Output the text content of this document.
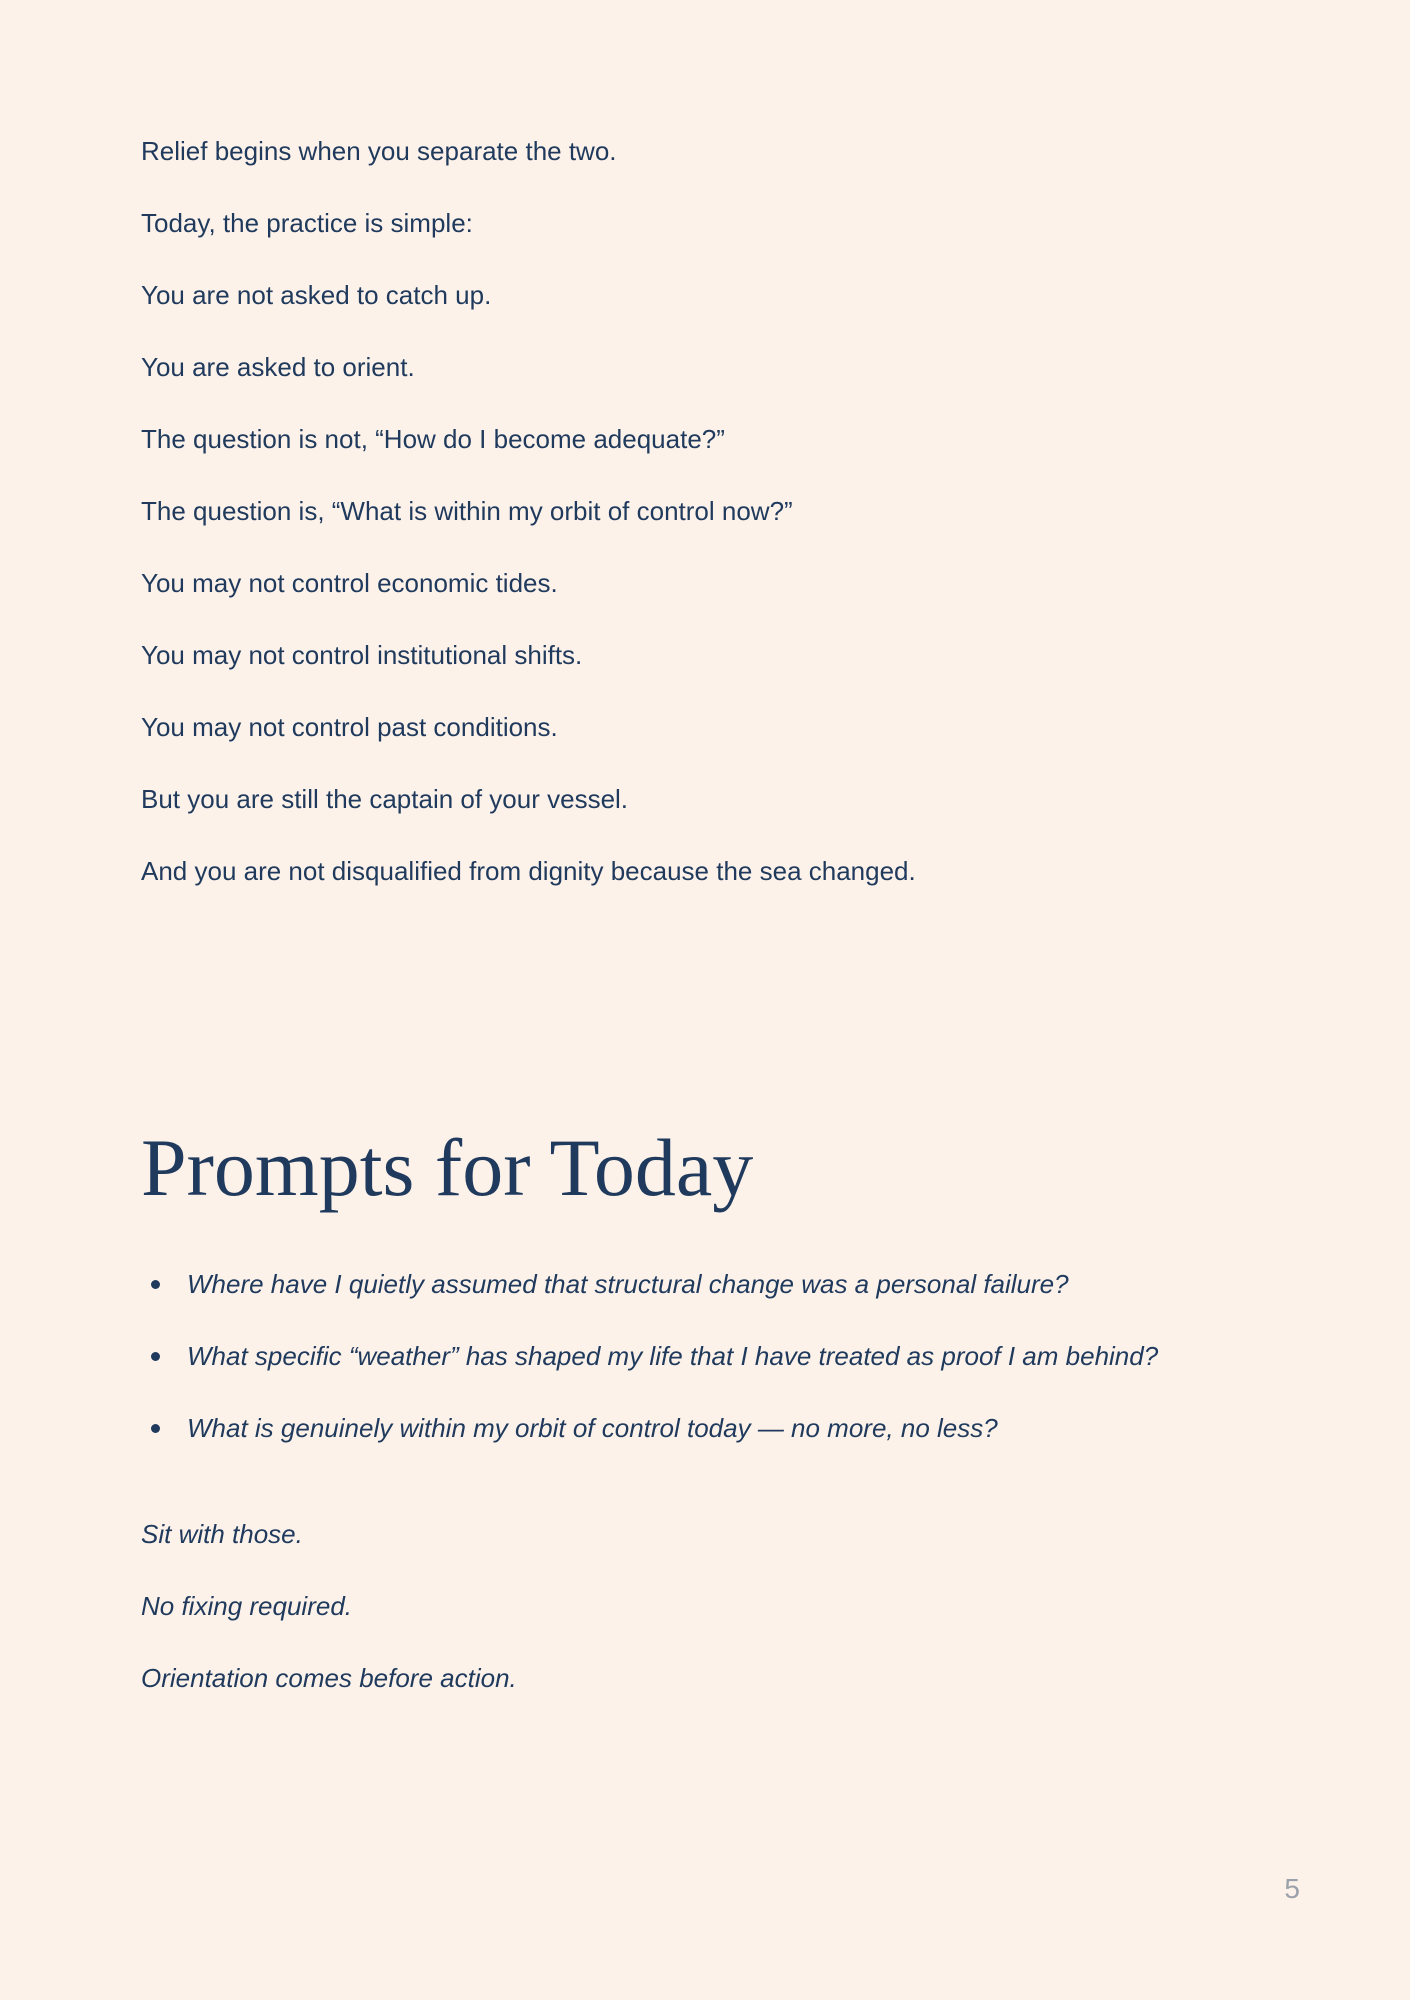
Relief begins when you separate the two.

Today, the practice is simple:

You are not asked to catch up.

You are asked to orient.

The question is not, “How do I become adequate?”

The question is, “What is within my orbit of control now?”

You may not control economic tides.

You may not control institutional shifts.

You may not control past conditions.

But you are still the captain of your vessel.

And you are not disqualified from dignity because the sea changed.

Prompts for Today
Where have I quietly assumed that structural change was a personal failure?
What specific “weather” has shaped my life that I have treated as proof I am behind?
What is genuinely within my orbit of control today — no more, no less?

Sit with those.

No fixing required.

Orientation comes before action.

5
